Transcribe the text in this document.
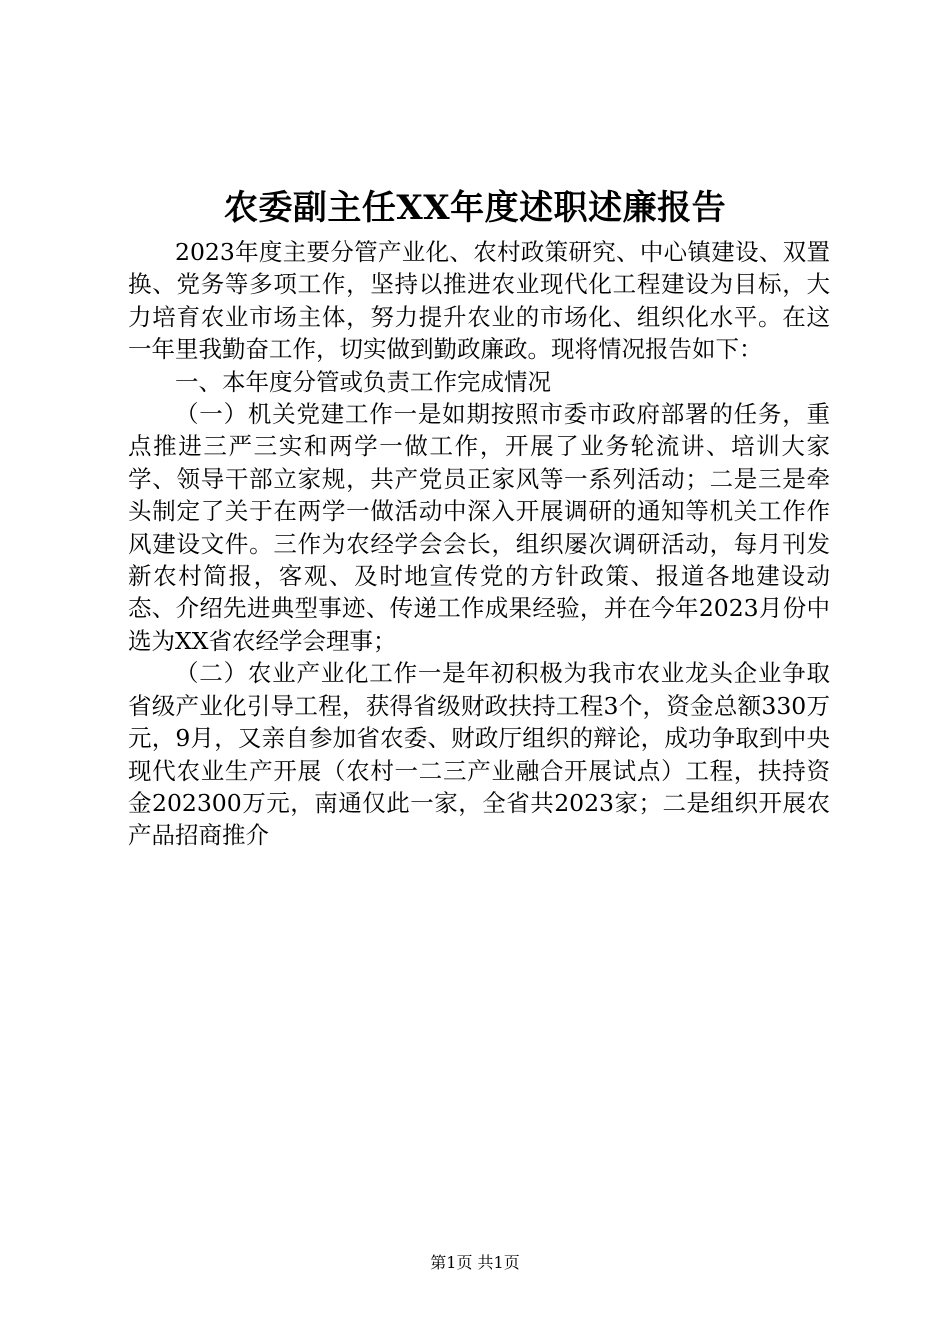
农委副主任XX年度述职述廉报告

2023年度主要分管产业化、农村政策研究、中心镇建设、双置换、党务等多项工作，坚持以推进农业现代化工程建设为目标，大力培育农业市场主体，努力提升农业的市场化、组织化水平。在这一年里我勤奋工作，切实做到勤政廉政。现将情况报告如下：

一、本年度分管或负责工作完成情况

（一）机关党建工作一是如期按照市委市政府部署的任务，重点推进三严三实和两学一做工作，开展了业务轮流讲、培训大家学、领导干部立家规，共产党员正家风等一系列活动；二是三是牵头制定了关于在两学一做活动中深入开展调研的通知等机关工作作风建设文件。三作为农经学会会长，组织屡次调研活动，每月刊发新农村简报，客观、及时地宣传党的方针政策、报道各地建设动态、介绍先进典型事迹、传递工作成果经验，并在今年2023月份中选为XX省农经学会理事；

（二）农业产业化工作一是年初积极为我市农业龙头企业争取省级产业化引导工程，获得省级财政扶持工程3个，资金总额330万元，9月，又亲自参加省农委、财政厅组织的辩论，成功争取到中央现代农业生产开展（农村一二三产业融合开展试点）工程，扶持资金202300万元，南通仅此一家，全省共2023家；二是组织开展农产品招商推介

第1页 共1页
